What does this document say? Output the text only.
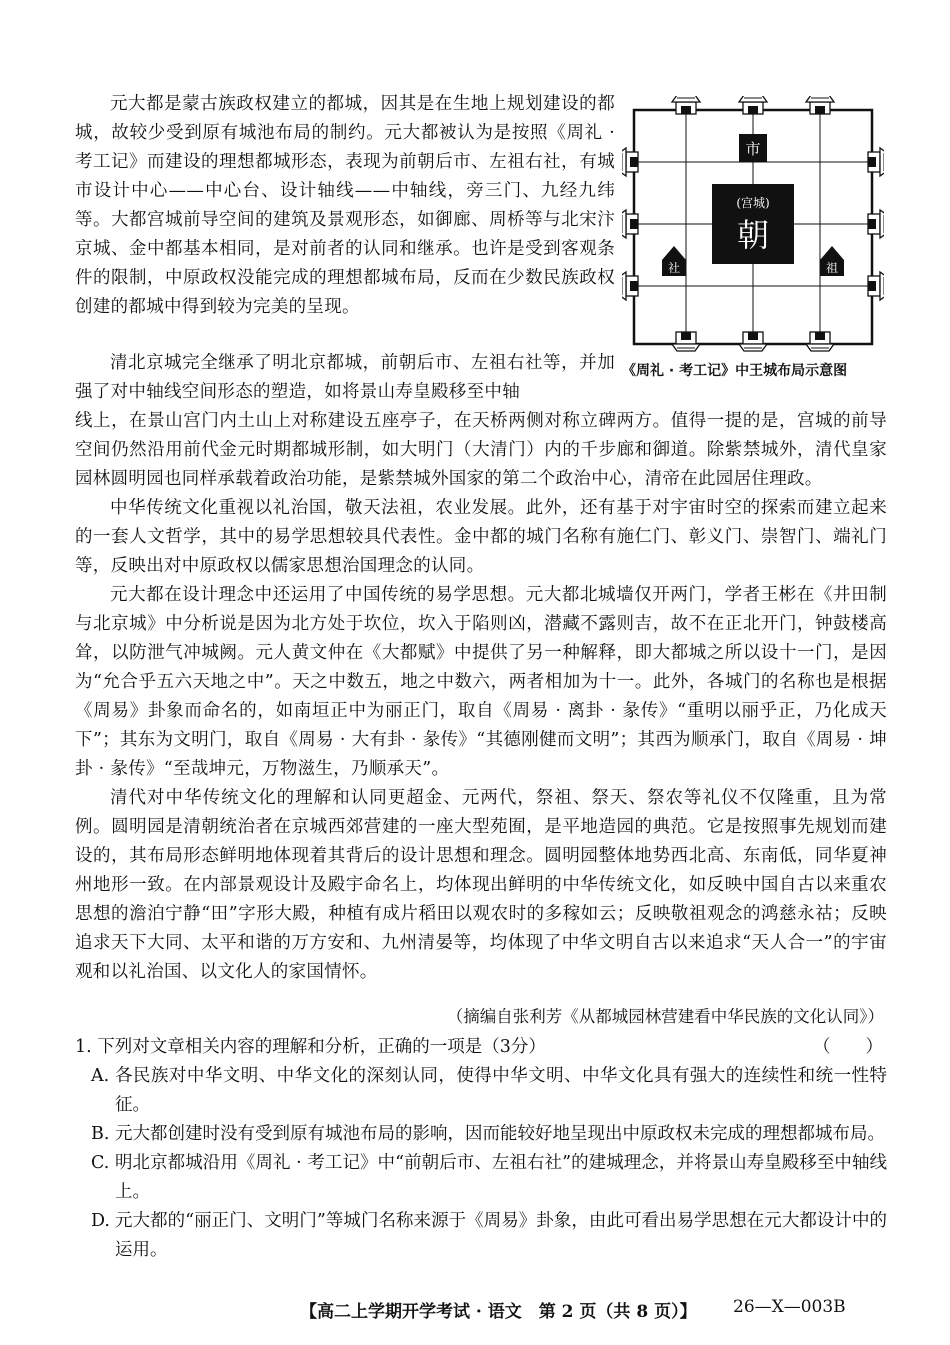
元大都是蒙古族政权建立的都城，因其是在生地上规划建设的都城，故较少受到原有城池布局的制约。元大都被认为是按照《周礼 · 考工记》而建设的理想都城形态，表现为前朝后市、左祖右社，有城市设计中心——中心台、设计轴线——中轴线，旁三门、九经九纬等。大都宫城前导空间的建筑及景观形态，如御廊、周桥等与北宋汴京城、金中都基本相同，是对前者的认同和继承。也许是受到客观条件的限制，中原政权没能完成的理想都城布局，反而在少数民族政权创建的都城中得到较为完美的呈现。

清北京城完全继承了明北京都城，前朝后市、左祖右社等，并加强了对中轴线空间形态的塑造，如将景山寿皇殿移至中轴

线上，在景山宫门内土山上对称建设五座亭子，在天桥两侧对称立碑两方。值得一提的是，宫城的前导空间仍然沿用前代金元时期都城形制，如大明门（大清门）内的千步廊和御道。除紫禁城外，清代皇家园林圆明园也同样承载着政治功能，是紫禁城外国家的第二个政治中心，清帝在此园居住理政。

中华传统文化重视以礼治国，敬天法祖，农业发展。此外，还有基于对宇宙时空的探索而建立起来的一套人文哲学，其中的易学思想较具代表性。金中都的城门名称有施仁门、彰义门、崇智门、端礼门等，反映出对中原政权以儒家思想治国理念的认同。

元大都在设计理念中还运用了中国传统的易学思想。元大都北城墙仅开两门，学者王彬在《井田制与北京城》中分析说是因为北方处于坎位，坎入于陷则凶，潜藏不露则吉，故不在正北开门，钟鼓楼高耸，以防泄气冲城阙。元人黄文仲在《大都赋》中提供了另一种解释，即大都城之所以设十一门，是因为“允合乎五六天地之中”。天之中数五，地之中数六，两者相加为十一。此外，各城门的名称也是根据《周易》卦象而命名的，如南垣正中为丽正门，取自《周易 · 离卦 · 彖传》“重明以丽乎正，乃化成天下”；其东为文明门，取自《周易 · 大有卦 · 彖传》“其德刚健而文明”；其西为顺承门，取自《周易 · 坤卦 · 彖传》“至哉坤元，万物滋生，乃顺承天”。

清代对中华传统文化的理解和认同更超金、元两代，祭祖、祭天、祭农等礼仪不仅隆重，且为常例。圆明园是清朝统治者在京城西郊营建的一座大型苑囿，是平地造园的典范。它是按照事先规划而建设的，其布局形态鲜明地体现着其背后的设计思想和理念。圆明园整体地势西北高、东南低，同华夏神州地形一致。在内部景观设计及殿宇命名上，均体现出鲜明的中华传统文化，如反映中国自古以来重农思想的澹泊宁静“田”字形大殿，种植有成片稻田以观农时的多稼如云；反映敬祖观念的鸿慈永祜；反映追求天下大同、太平和谐的万方安和、九州清晏等，均体现了中华文明自古以来追求“天人合一”的宇宙观和以礼治国、以文化人的家国情怀。

（摘编自张利芳《从都城园林营建看中华民族的文化认同》）
市
(宫城)
朝
社	祖
《周礼 · 考工记》中王城布局示意图

1. 下列对文章相关内容的理解和分析，正确的一项是（3分）	（　　）

A. 各民族对中华文明、中华文化的深刻认同，使得中华文明、中华文化具有强大的连续性和统一性特征。
B. 元大都创建时没有受到原有城池布局的影响，因而能较好地呈现出中原政权未完成的理想都城布局。
C. 明北京都城沿用《周礼 · 考工记》中“前朝后市、左祖右社”的建城理念，并将景山寿皇殿移至中轴线上。
D. 元大都的“丽正门、文明门”等城门名称来源于《周易》卦象，由此可看出易学思想在元大都设计中的运用。
【高二上学期开学考试 · 语文　第 2 页（共 8 页）】 26—X—003B
